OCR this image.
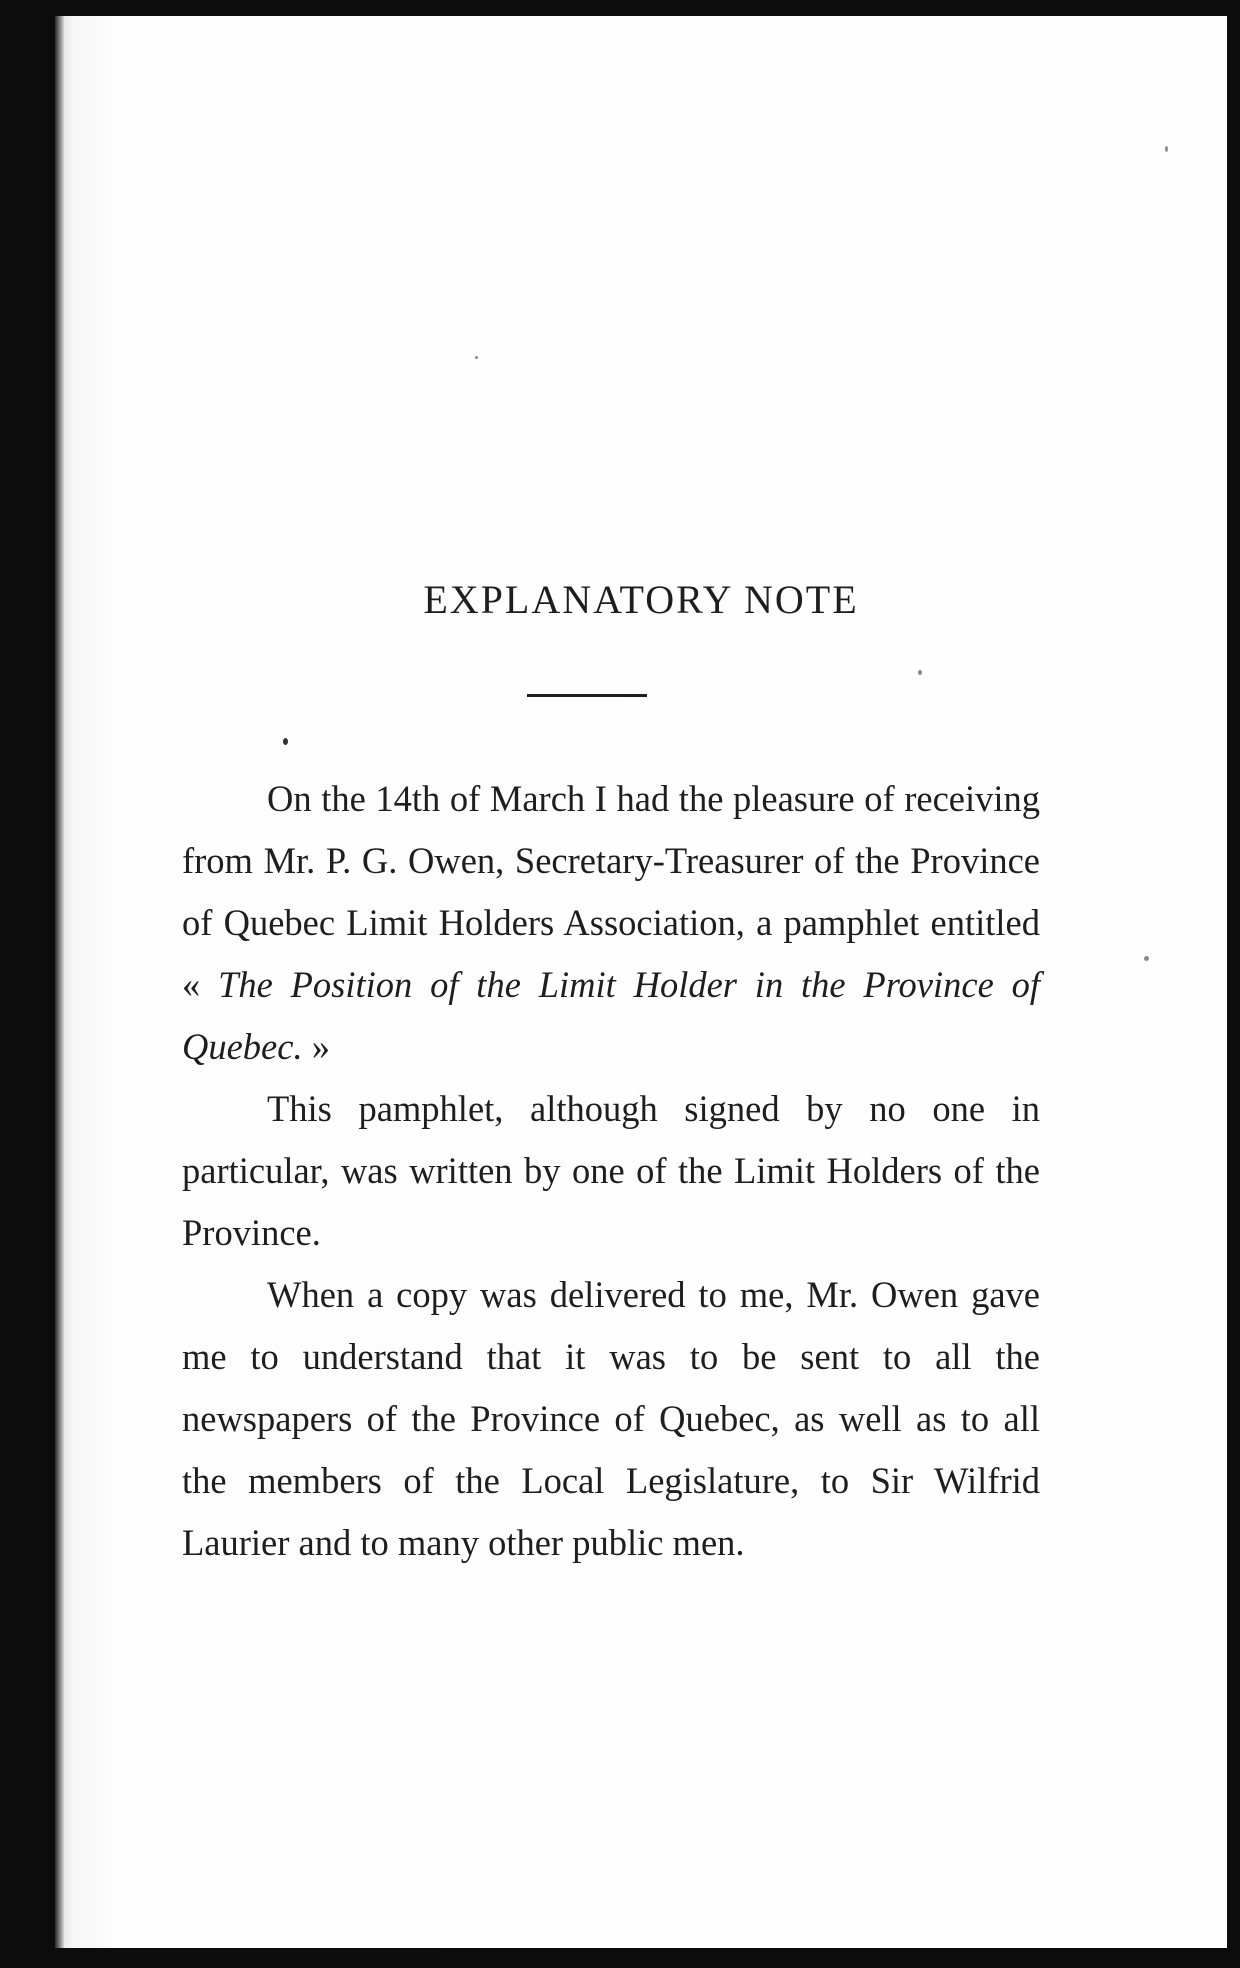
EXPLANATORY NOTE

On the 14th of March I had the pleasure of receiving from Mr. P. G. Owen, Secretary-Treasurer of the Province of Quebec Limit Holders Association, a pamphlet entitled « The Position of the Limit Holder in the Province of Quebec. »

This pamphlet, although signed by no one in particular, was written by one of the Limit Holders of the Province.

When a copy was delivered to me, Mr. Owen gave me to understand that it was to be sent to all the newspapers of the Province of Quebec, as well as to all the members of the Local Legislature, to Sir Wilfrid Laurier and to many other public men.
